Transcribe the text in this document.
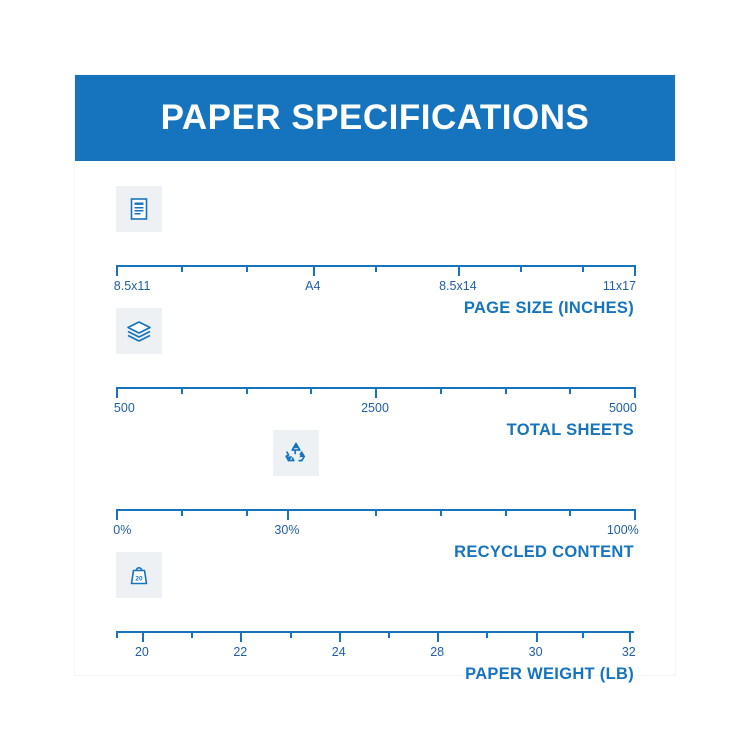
PAPER SPECIFICATIONS
8.5x11	A4	8.5x14	11x17
PAGE SIZE (INCHES)
500	2500	5000
TOTAL SHEETS
0%	30%	100%
RECYCLED CONTENT
20
20	22	24	28	30	32
PAPER WEIGHT (LB)
